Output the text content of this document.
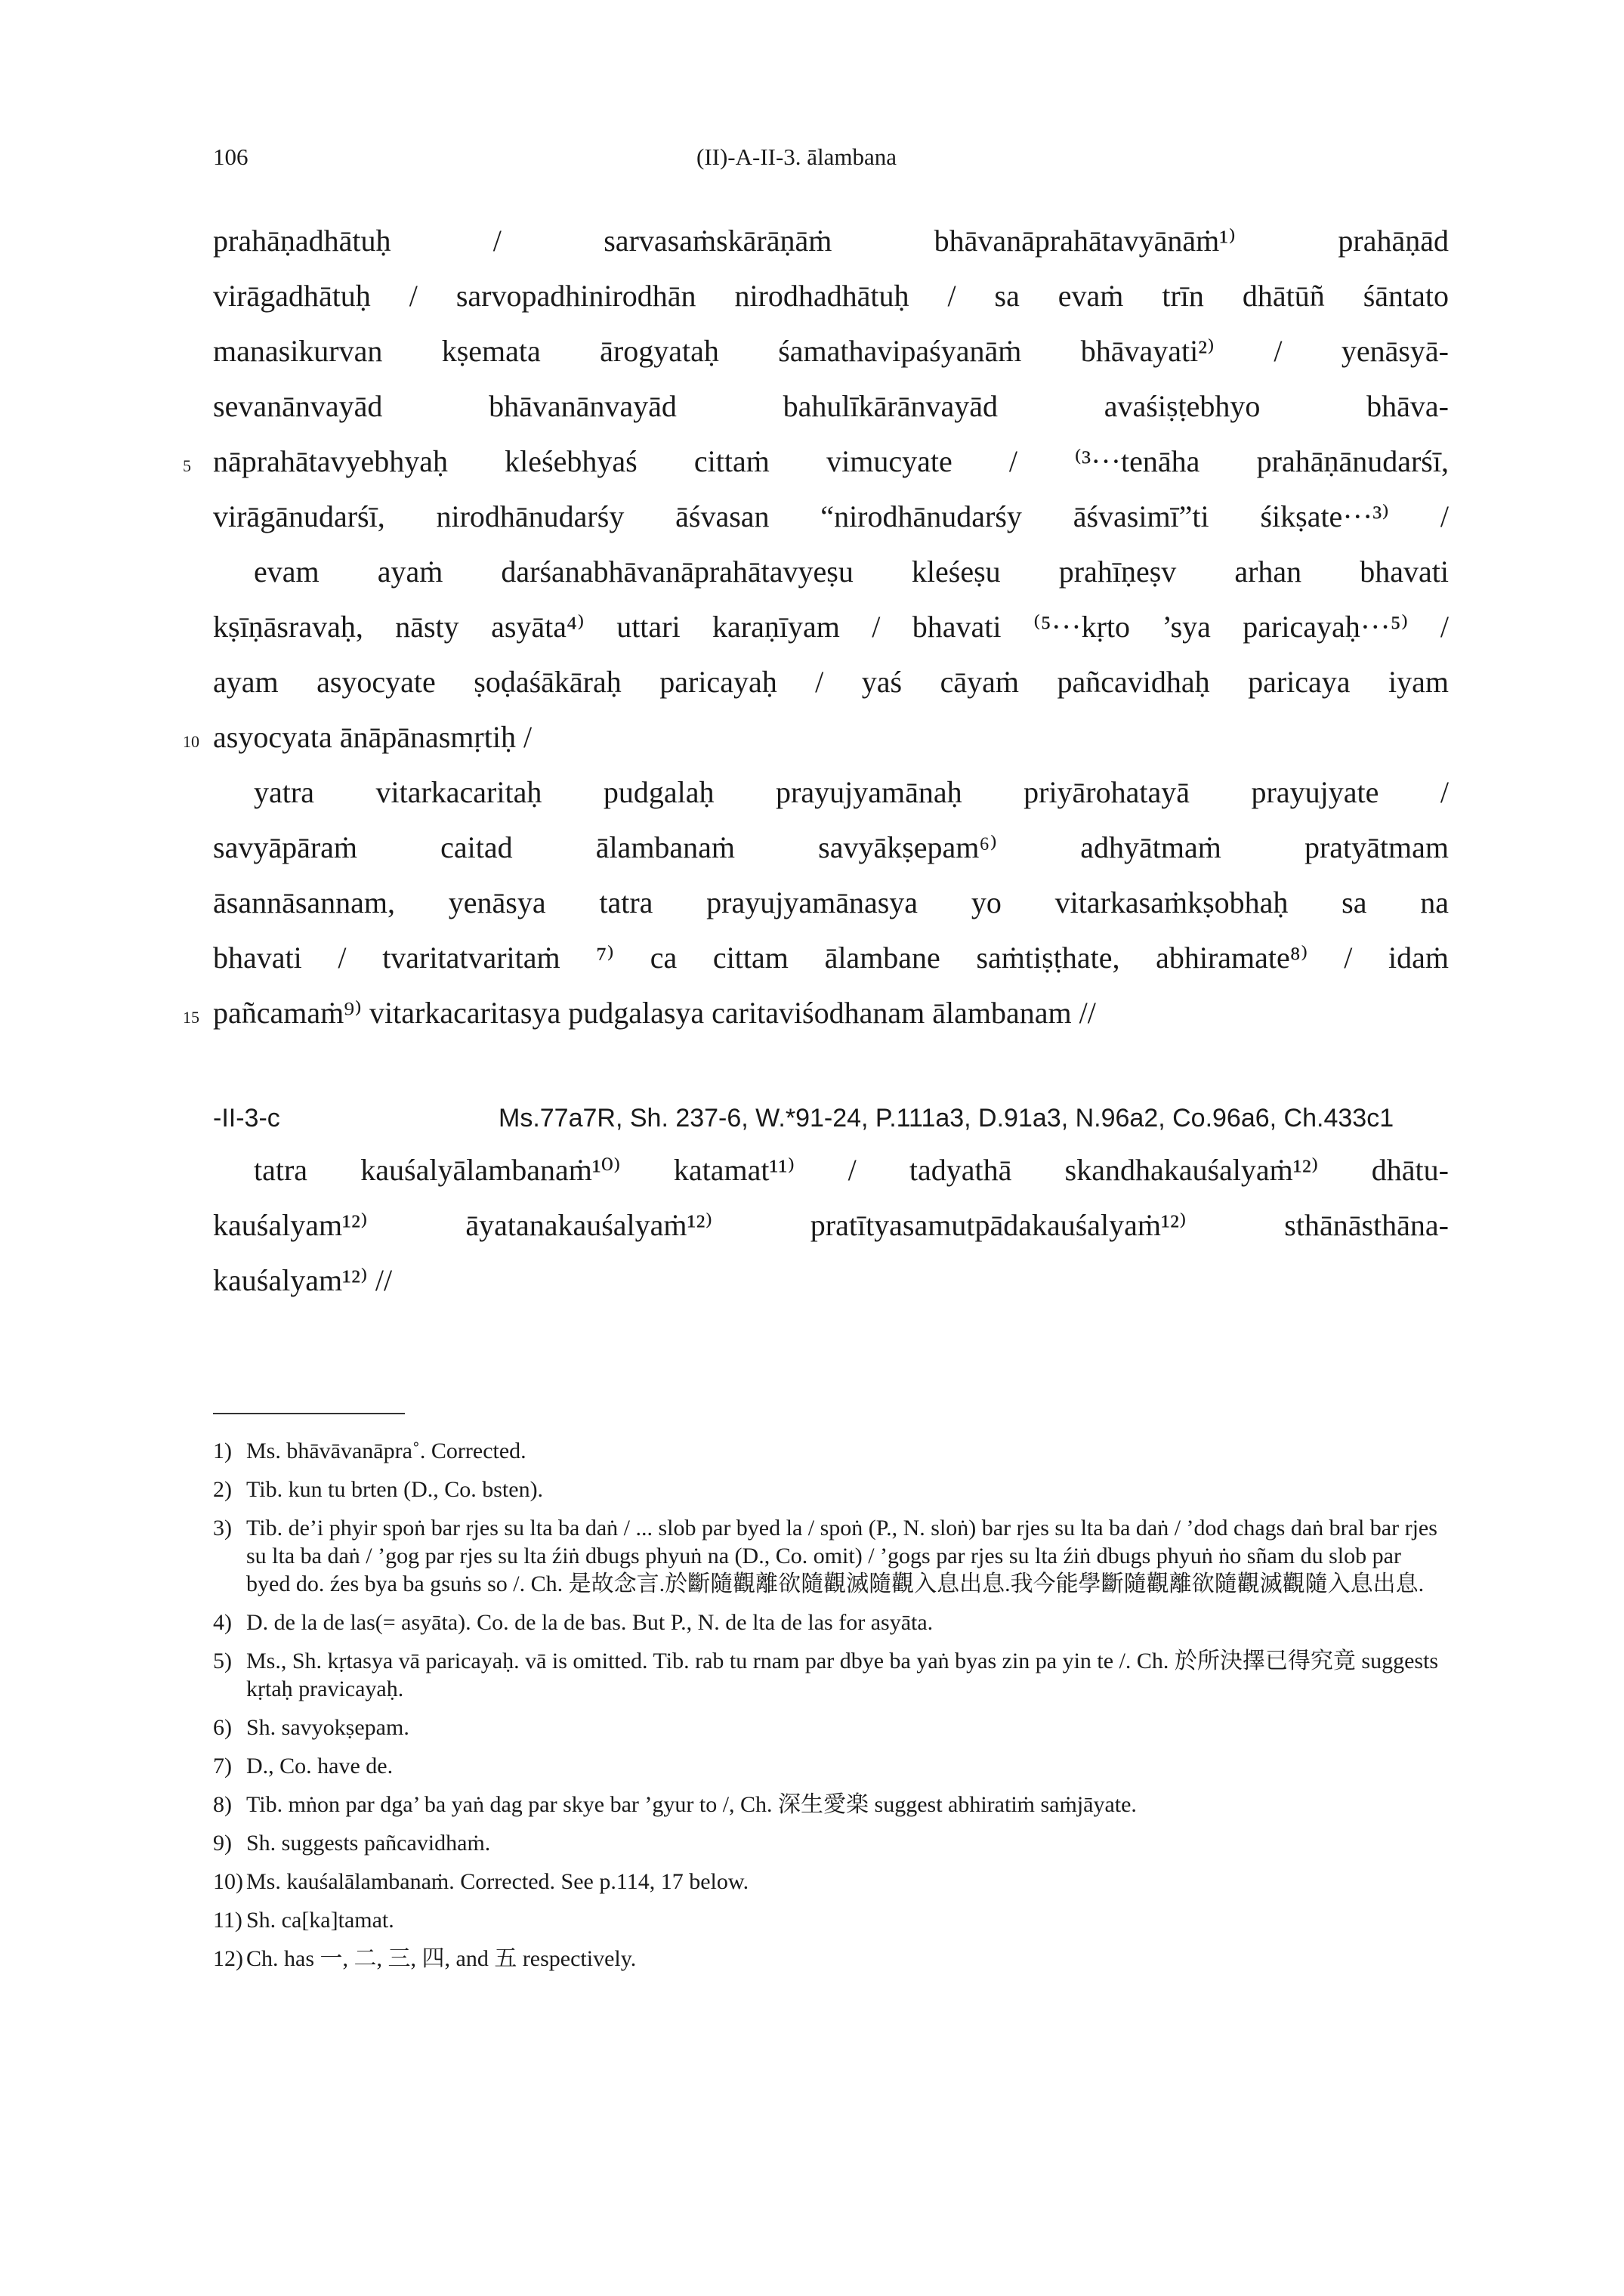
106	(II)-A-II-3. ālambana
prahāṇadhātuḥ / sarvasaṁskārāṇāṁ bhāvanāprahātavyānāṁ¹⁾ prahāṇād
virāgadhātuḥ / sarvopadhinirodhān nirodhadhātuḥ / sa evaṁ trīn dhātūñ śāntato
manasikurvan kṣemata ārogyataḥ śamathavipaśyanāṁ bhāvayati²⁾ / yenāsyā-
sevanānvayād bhāvanānvayād bahulīkārānvayād avaśiṣṭebhyo bhāva-
5 nāprahātavyebhyaḥ kleśebhyaś cittaṁ vimucyate / ⁽³···tenāha prahāṇānudarśī,
virāgānudarśī, nirodhānudarśy āśvasan “nirodhānudarśy āśvasimī”ti śikṣate···³⁾ /
evam ayaṁ darśanabhāvanāprahātavyeṣu kleśeṣu prahīṇeṣv arhan bhavati
kṣīṇāsravaḥ, nāsty asyāta⁴⁾ uttari karaṇīyam / bhavati ⁽⁵···kṛto ’sya paricayaḥ···⁵⁾ /
ayam asyocyate ṣoḍaśākāraḥ paricayaḥ / yaś cāyaṁ pañcavidhaḥ paricaya iyam
10 asyocyata ānāpānasmṛtiḥ /
yatra vitarkacaritaḥ pudgalaḥ prayujyamānaḥ priyārohatayā prayujyate /
savyāpāraṁ caitad ālambanaṁ savyākṣepam⁶⁾ adhyātmaṁ pratyātmam
āsannāsannam, yenāsya tatra prayujyamānasya yo vitarkasaṁkṣobhaḥ sa na
bhavati / tvaritatvaritaṁ ⁷⁾ ca cittam ālambane saṁtiṣṭhate, abhiramate⁸⁾ / idaṁ
15 pañcamaṁ⁹⁾ vitarkacaritasya pudgalasya caritaviśodhanam ālambanam //
-II-3-c	Ms.77a7R, Sh. 237-6, W.*91-24, P.111a3, D.91a3, N.96a2, Co.96a6, Ch.433c1
tatra kauśalyālambanaṁ¹⁰⁾ katamat¹¹⁾ / tadyathā skandhakauśalyaṁ¹²⁾ dhātu-
kauśalyam¹²⁾ āyatanakauśalyaṁ¹²⁾ pratītyasamutpādakauśalyaṁ¹²⁾ sthānāsthāna-
kauśalyam¹²⁾ //
1) Ms. bhāvāvanāpra˚. Corrected.
2) Tib. kun tu brten (D., Co. bsten).
3) Tib. de’i phyir spoṅ bar rjes su lta ba daṅ / ... slob par byed la / spoṅ (P., N. sloṅ) bar rjes su lta ba daṅ / ’dod chags daṅ bral bar rjes su lta ba daṅ / ’gog par rjes su lta źiṅ dbugs phyuṅ na (D., Co. omit) / ’gogs par rjes su lta źiṅ dbugs phyuṅ ṅo sñam du slob par byed do. źes bya ba gsuṅs so /. Ch. 是故念言.於斷隨觀離欲隨觀滅隨觀入息出息.我今能學斷隨觀離欲隨觀滅觀隨入息出息.
4) D. de la de las(= asyāta). Co. de la de bas. But P., N. de lta de las for asyāta.
5) Ms., Sh. kṛtasya vā paricayaḥ. vā is omitted. Tib. rab tu rnam par dbye ba yaṅ byas zin pa yin te /. Ch. 於所決擇已得究竟 suggests kṛtaḥ pravicayaḥ.
6) Sh. savyokṣepam.
7) D., Co. have de.
8) Tib. mṅon par dga’ ba yaṅ dag par skye bar ’gyur to /, Ch. 深生愛楽 suggest abhiratiṁ saṁjāyate.
9) Sh. suggests pañcavidhaṁ.
10) Ms. kauśalālambanaṁ. Corrected. See p.114, 17 below.
11) Sh. ca[ka]tamat.
12) Ch. has 一, 二, 三, 四, and 五 respectively.
